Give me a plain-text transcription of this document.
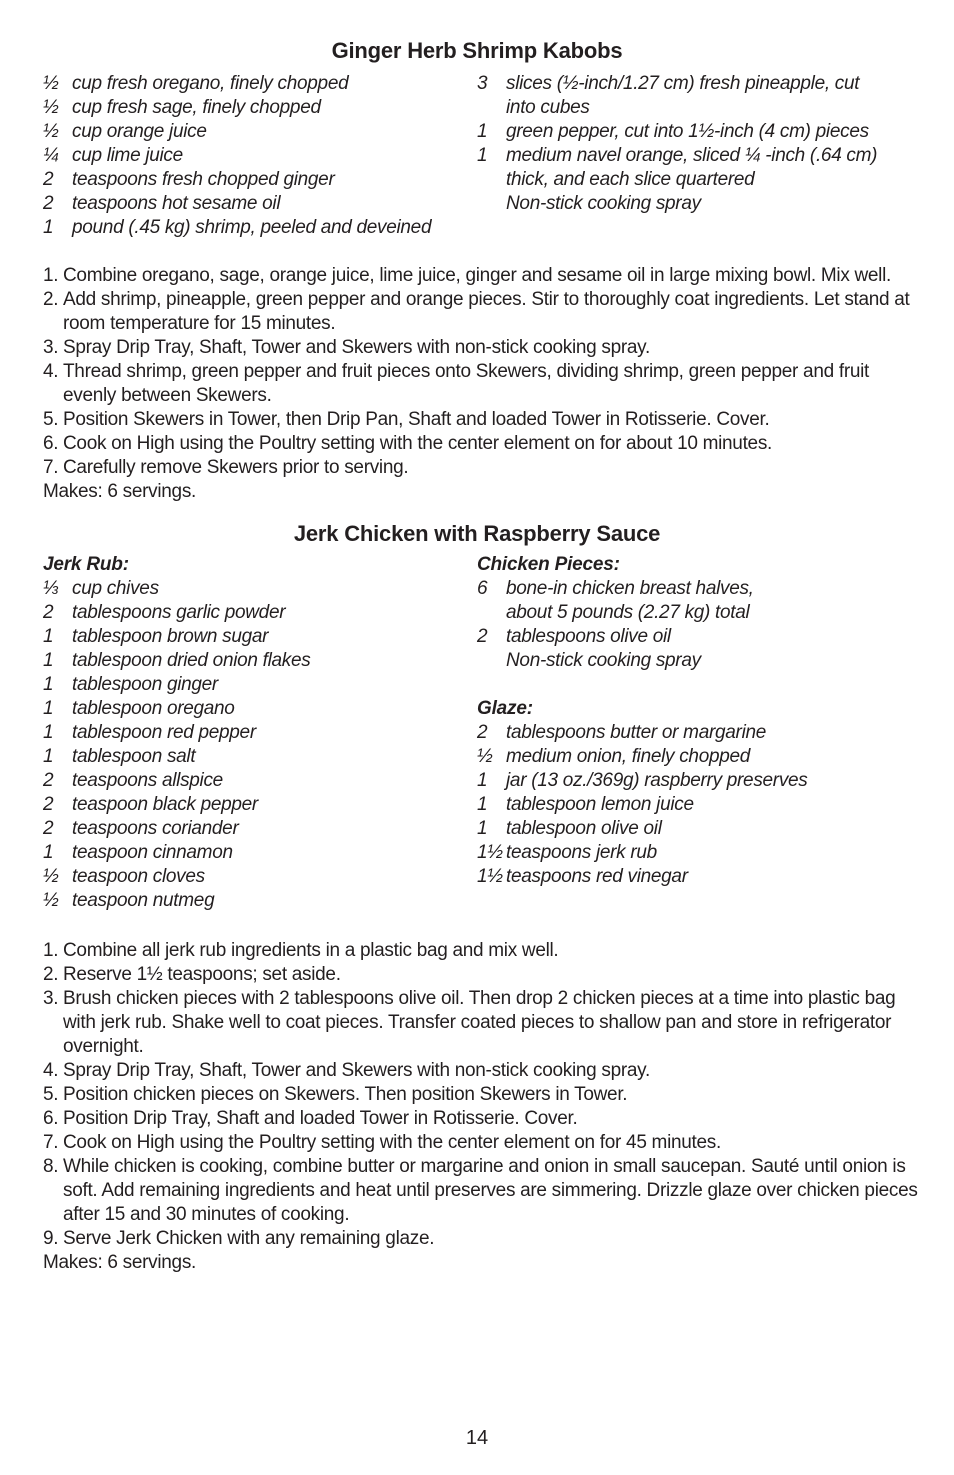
Ginger Herb Shrimp Kabobs
½ cup fresh oregano, finely chopped
½ cup fresh sage, finely chopped
½ cup orange juice
¼ cup lime juice
2 teaspoons fresh chopped ginger
2 teaspoons hot sesame oil
1 pound (.45 kg) shrimp, peeled and deveined
3 slices (½-inch/1.27 cm) fresh pineapple, cut
into cubes
1 green pepper, cut into 1½-inch (4 cm) pieces
1 medium navel orange, sliced ¼ -inch (.64 cm)
thick, and each slice quartered
Non-stick cooking spray
1. Combine oregano, sage, orange juice, lime juice, ginger and sesame oil in large mixing bowl. Mix well.
2. Add shrimp, pineapple, green pepper and orange pieces. Stir to thoroughly coat ingredients. Let stand at room temperature for 15 minutes.
3. Spray Drip Tray, Shaft, Tower and Skewers with non-stick cooking spray.
4. Thread shrimp, green pepper and fruit pieces onto Skewers, dividing shrimp, green pepper and fruit evenly between Skewers.
5. Position Skewers in Tower, then Drip Pan, Shaft and loaded Tower in Rotisserie. Cover.
6. Cook on High using the Poultry setting with the center element on for about 10 minutes.
7. Carefully remove Skewers prior to serving.
Makes: 6 servings.
Jerk Chicken with Raspberry Sauce
Jerk Rub:
⅓ cup chives
2 tablespoons garlic powder
1 tablespoon brown sugar
1 tablespoon dried onion flakes
1 tablespoon ginger
1 tablespoon oregano
1 tablespoon red pepper
1 tablespoon salt
2 teaspoons allspice
2 teaspoon black pepper
2 teaspoons coriander
1 teaspoon cinnamon
½ teaspoon cloves
½ teaspoon nutmeg
Chicken Pieces:
6 bone-in chicken breast halves,
about 5 pounds (2.27 kg) total
2 tablespoons olive oil
Non-stick cooking spray
Glaze:
2 tablespoons butter or margarine
½ medium onion, finely chopped
1 jar (13 oz./369g) raspberry preserves
1 tablespoon lemon juice
1 tablespoon olive oil
1½ teaspoons jerk rub
1½ teaspoons red vinegar
1. Combine all jerk rub ingredients in a plastic bag and mix well.
2. Reserve 1½ teaspoons; set aside.
3. Brush chicken pieces with 2 tablespoons olive oil. Then drop 2 chicken pieces at a time into plastic bag with jerk rub. Shake well to coat pieces. Transfer coated pieces to shallow pan and store in refrigerator overnight.
4. Spray Drip Tray, Shaft, Tower and Skewers with non-stick cooking spray.
5. Position chicken pieces on Skewers. Then position Skewers in Tower.
6. Position Drip Tray, Shaft and loaded Tower in Rotisserie. Cover.
7. Cook on High using the Poultry setting with the center element on for 45 minutes.
8. While chicken is cooking, combine butter or margarine and onion in small saucepan. Sauté until onion is soft. Add remaining ingredients and heat until preserves are simmering. Drizzle glaze over chicken pieces after 15 and 30 minutes of cooking.
9. Serve Jerk Chicken with any remaining glaze.
Makes: 6 servings.
14
